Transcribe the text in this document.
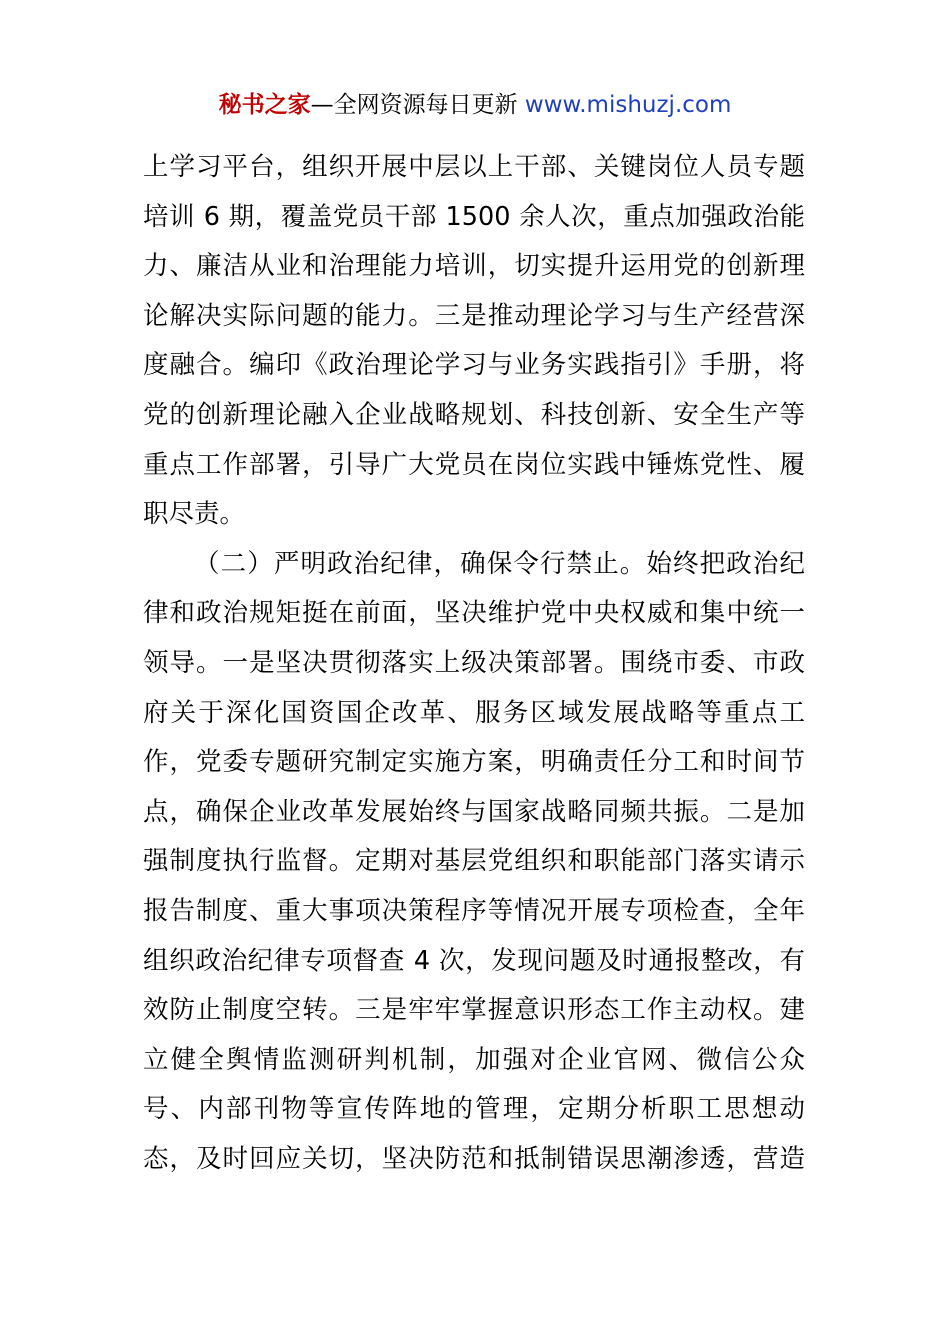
秘书之家—全网资源每日更新 www.mishuzj.com
上学习平台，组织开展中层以上干部、关键岗位人员专题
培训 6 期，覆盖党员干部 1500 余人次，重点加强政治能
力、廉洁从业和治理能力培训，切实提升运用党的创新理
论解决实际问题的能力。三是推动理论学习与生产经营深
度融合。编印《政治理论学习与业务实践指引》手册，将
党的创新理论融入企业战略规划、科技创新、安全生产等
重点工作部署，引导广大党员在岗位实践中锤炼党性、履
职尽责。
（二）严明政治纪律，确保令行禁止。始终把政治纪
律和政治规矩挺在前面，坚决维护党中央权威和集中统一
领导。一是坚决贯彻落实上级决策部署。围绕市委、市政
府关于深化国资国企改革、服务区域发展战略等重点工
作，党委专题研究制定实施方案，明确责任分工和时间节
点，确保企业改革发展始终与国家战略同频共振。二是加
强制度执行监督。定期对基层党组织和职能部门落实请示
报告制度、重大事项决策程序等情况开展专项检查，全年
组织政治纪律专项督查 4 次，发现问题及时通报整改，有
效防止制度空转。三是牢牢掌握意识形态工作主动权。建
立健全舆情监测研判机制，加强对企业官网、微信公众
号、内部刊物等宣传阵地的管理，定期分析职工思想动
态，及时回应关切，坚决防范和抵制错误思潮渗透，营造
